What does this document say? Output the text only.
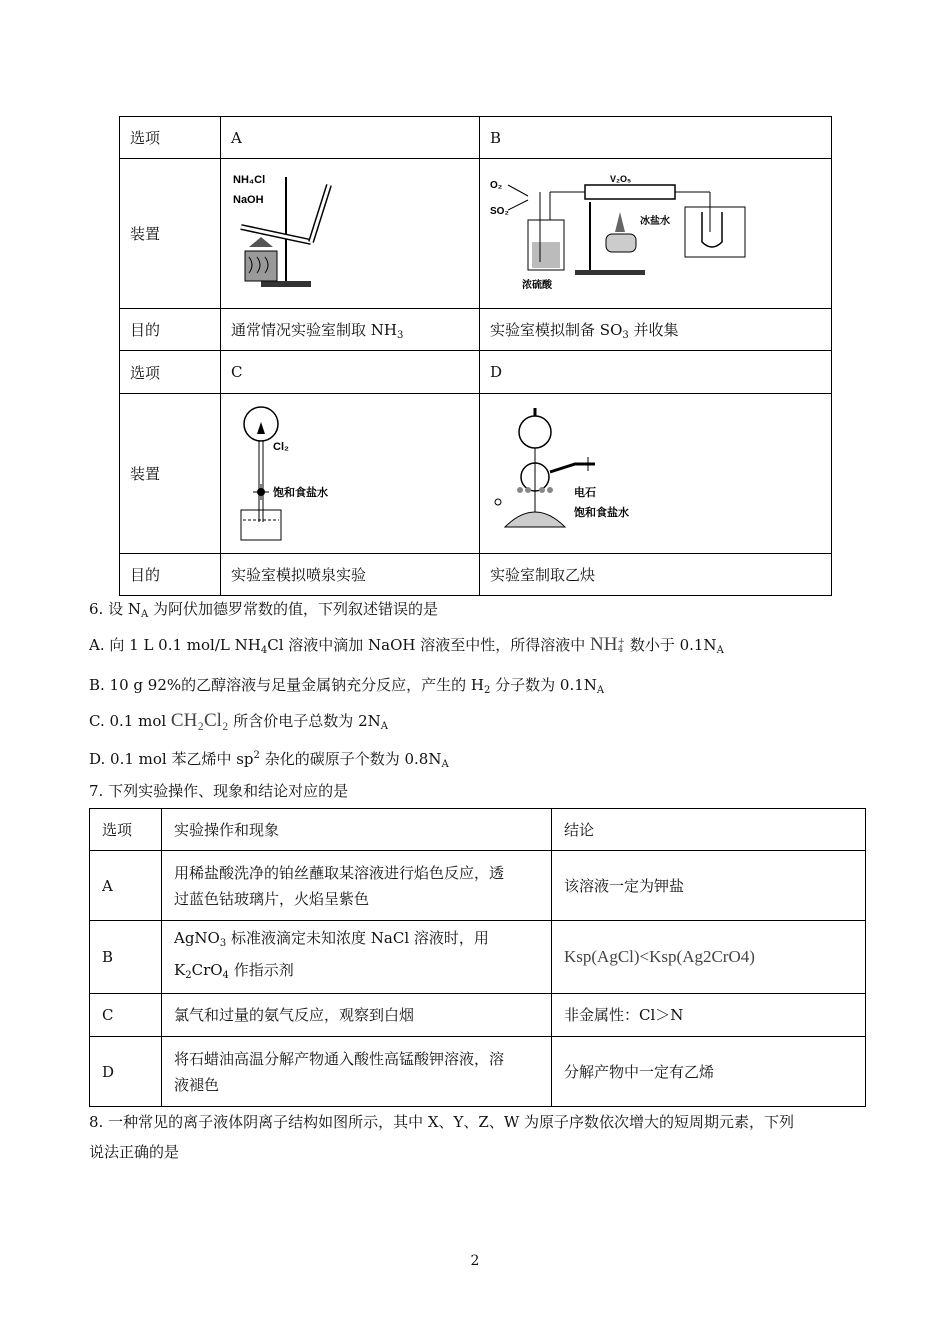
选项	A	B
装置	NH₄Cl
NaOH	O₂
SO₂
浓硫酸
V₂O₅
冰盐水

目的	通常情况实验室制取 $NH_3$	实验室模拟制备 $SO_3$ 并收集
选项	C	D
装置	Cl₂
饱和食盐水	电石
饱和食盐水

目的	实验室模拟喷泉实验	实验室制取乙炔
6. 设 $N_A$ 为阿伏加德罗常数的值，下列叙述错误的是
A. 向 1 L 0.1 mol/L $NH_4Cl$ 溶液中滴加 NaOH 溶液至中性，所得溶液中 NH +
4 数小于 $0.1N_A$
B. 10 g 92%的乙醇溶液与足量金属钠充分反应，产生的 $H_2$ 分子数为 $0.1N_A$
C. 0.1 mol CH₂Cl₂ 所含价电子总数为 $2N_A$
D. 0.1 mol 苯乙烯中 $sp^2$ 杂化的碳原子个数为 $0.8N_A$
7. 下列实验操作、现象和结论对应的是
选项	实验操作和现象	结论
A	用稀盐酸洗净的铂丝蘸取某溶液进行焰色反应，透
过蓝色钴玻璃片，火焰呈紫色	该溶液一定为钾盐
B	AgNO$_3$ 标准液滴定未知浓度 NaCl 溶液时，用
$K_2CrO_4$ 作指示剂	Ksp(AgCl)<Ksp(Ag2CrO4)
C	氯气和过量的氨气反应，观察到白烟	非金属性：Cl＞N
D	将石蜡油高温分解产物通入酸性高锰酸钾溶液，溶
液褪色	分解产物中一定有乙烯
8. 一种常见的离子液体阴离子结构如图所示，其中 X、Y、Z、W 为原子序数依次增大的短周期元素，下列
说法正确的是
2
